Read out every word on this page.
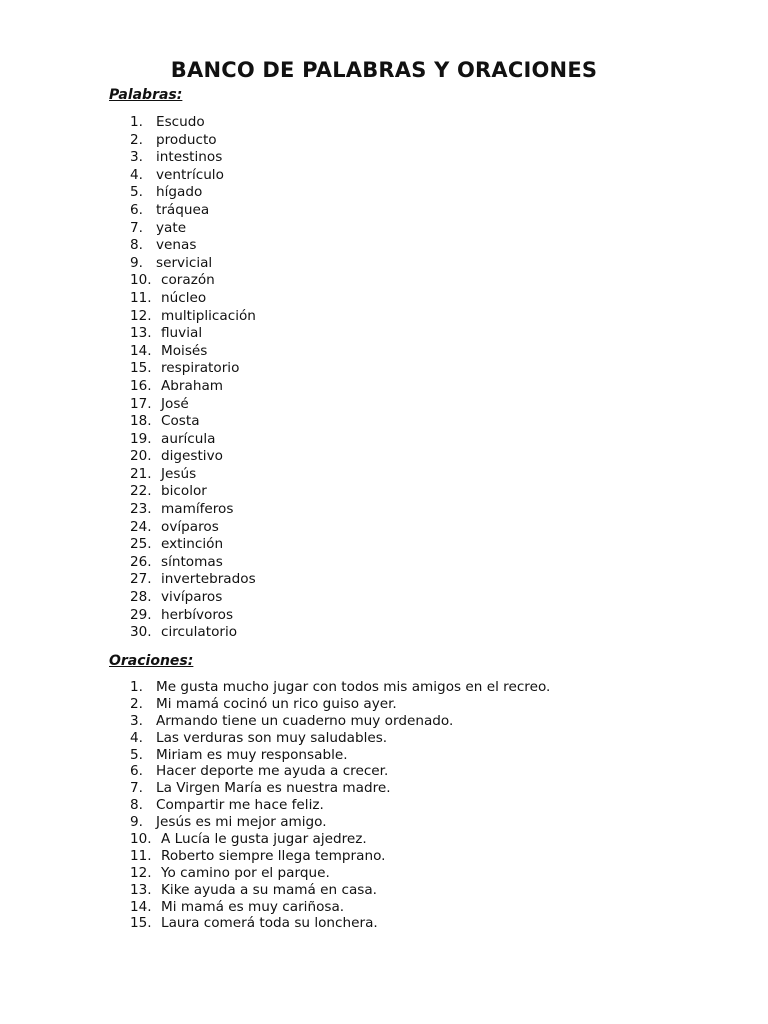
BANCO DE PALABRAS Y ORACIONES
Palabras:
1. Escudo
2. producto
3. intestinos
4. ventrículo
5. hígado
6. tráquea
7. yate
8. venas
9. servicial
10. corazón
11. núcleo
12. multiplicación
13. fluvial
14. Moisés
15. respiratorio
16. Abraham
17. José
18. Costa
19. aurícula
20. digestivo
21. Jesús
22. bicolor
23. mamíferos
24. ovíparos
25. extinción
26. síntomas
27. invertebrados
28. vivíparos
29. herbívoros
30. circulatorio
Oraciones:
1. Me gusta mucho jugar con todos mis amigos en el recreo.
2. Mi mamá cocinó un rico guiso ayer.
3. Armando tiene un cuaderno muy ordenado.
4. Las verduras son muy saludables.
5. Miriam es muy responsable.
6. Hacer deporte me ayuda a crecer.
7. La Virgen María es nuestra madre.
8. Compartir me hace feliz.
9. Jesús es mi mejor amigo.
10. A Lucía le gusta jugar ajedrez.
11. Roberto siempre llega temprano.
12. Yo camino por el parque.
13. Kike ayuda a su mamá en casa.
14. Mi mamá es muy cariñosa.
15. Laura comerá toda su lonchera.
